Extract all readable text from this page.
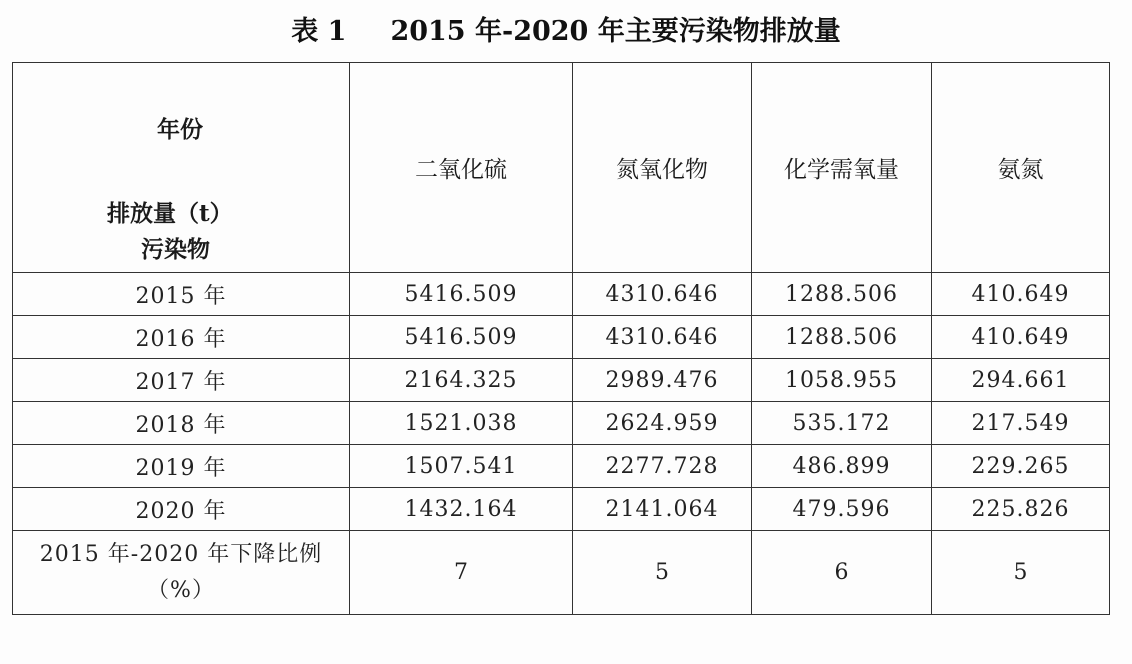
表 1 2015 年-2020 年主要污染物排放量
年份
排放量（t）
污染物	二氧化硫	氮氧化物	化学需氧量	氨氮
2015 年	5416.509	4310.646	1288.506	410.649
2016 年	5416.509	4310.646	1288.506	410.649
2017 年	2164.325	2989.476	1058.955	294.661
2018 年	1521.038	2624.959	535.172	217.549
2019 年	1507.541	2277.728	486.899	229.265
2020 年	1432.164	2141.064	479.596	225.826

2015 年-2020 年下降比例
（%）	7	5	6	5
